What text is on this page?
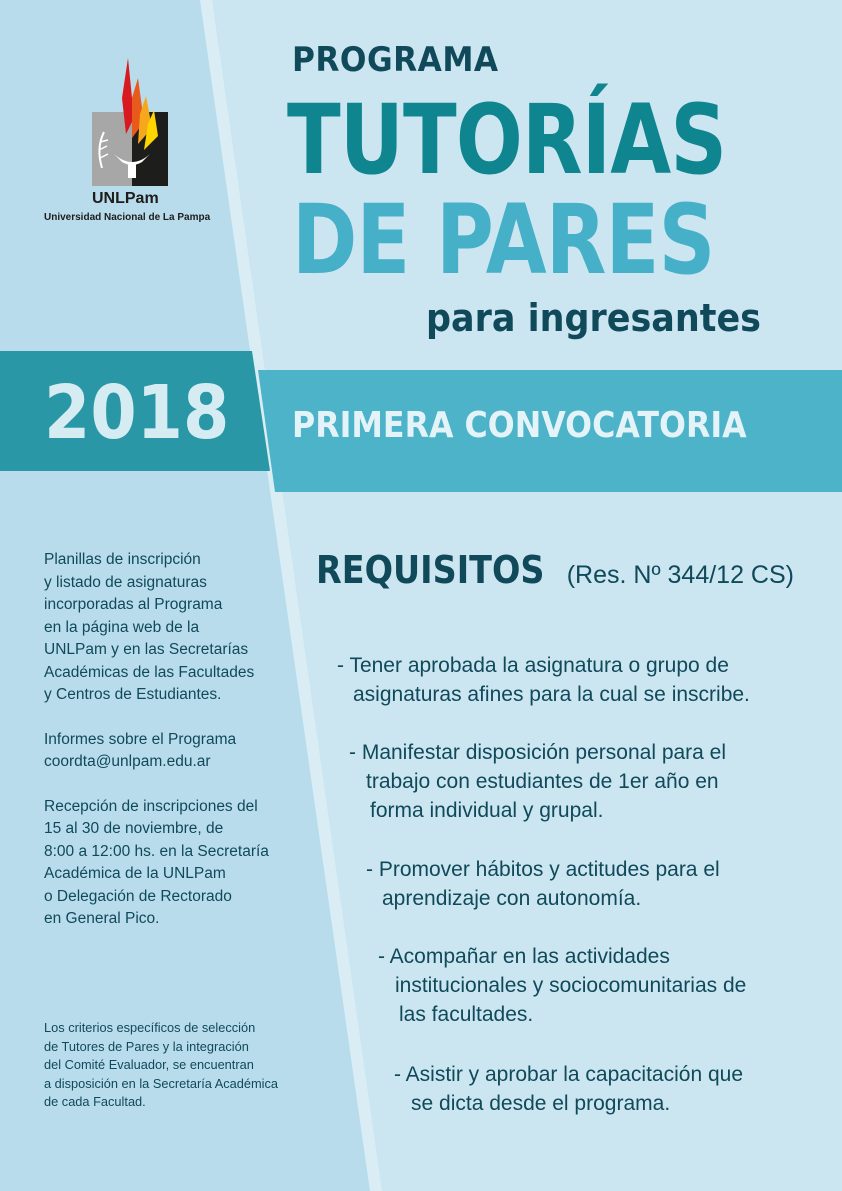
UNLPam
Universidad Nacional de La Pampa
PROGRAMA
TUTORÍAS
DE PARES
para ingresantes
2018 PRIMERA CONVOCATORIA

Planillas de inscripción
y listado de asignaturas
incorporadas al Programa
en la página web de la
UNLPam y en las Secretarías
Académicas de las Facultades
y Centros de Estudiantes.

Informes sobre el Programa
coordta@unlpam.edu.ar

Recepción de inscripciones del
15 al 30 de noviembre, de
8:00 a 12:00 hs. en la Secretaría
Académica de la UNLPam
o Delegación de Rectorado
en General Pico.

Los criterios específicos de selección
de Tutores de Pares y la integración
del Comité Evaluador, se encuentran
a disposición en la Secretaría Académica
de cada Facultad.
REQUISITOS (Res. Nº 344/12 CS)
- Tener aprobada la asignatura o grupo de
asignaturas afines para la cual se inscribe.
- Manifestar disposición personal para el
trabajo con estudiantes de 1er año en
forma individual y grupal.
- Promover hábitos y actitudes para el
aprendizaje con autonomía.
- Acompañar en las actividades
institucionales y sociocomunitarias de
las facultades.
- Asistir y aprobar la capacitación que
se dicta desde el programa.
